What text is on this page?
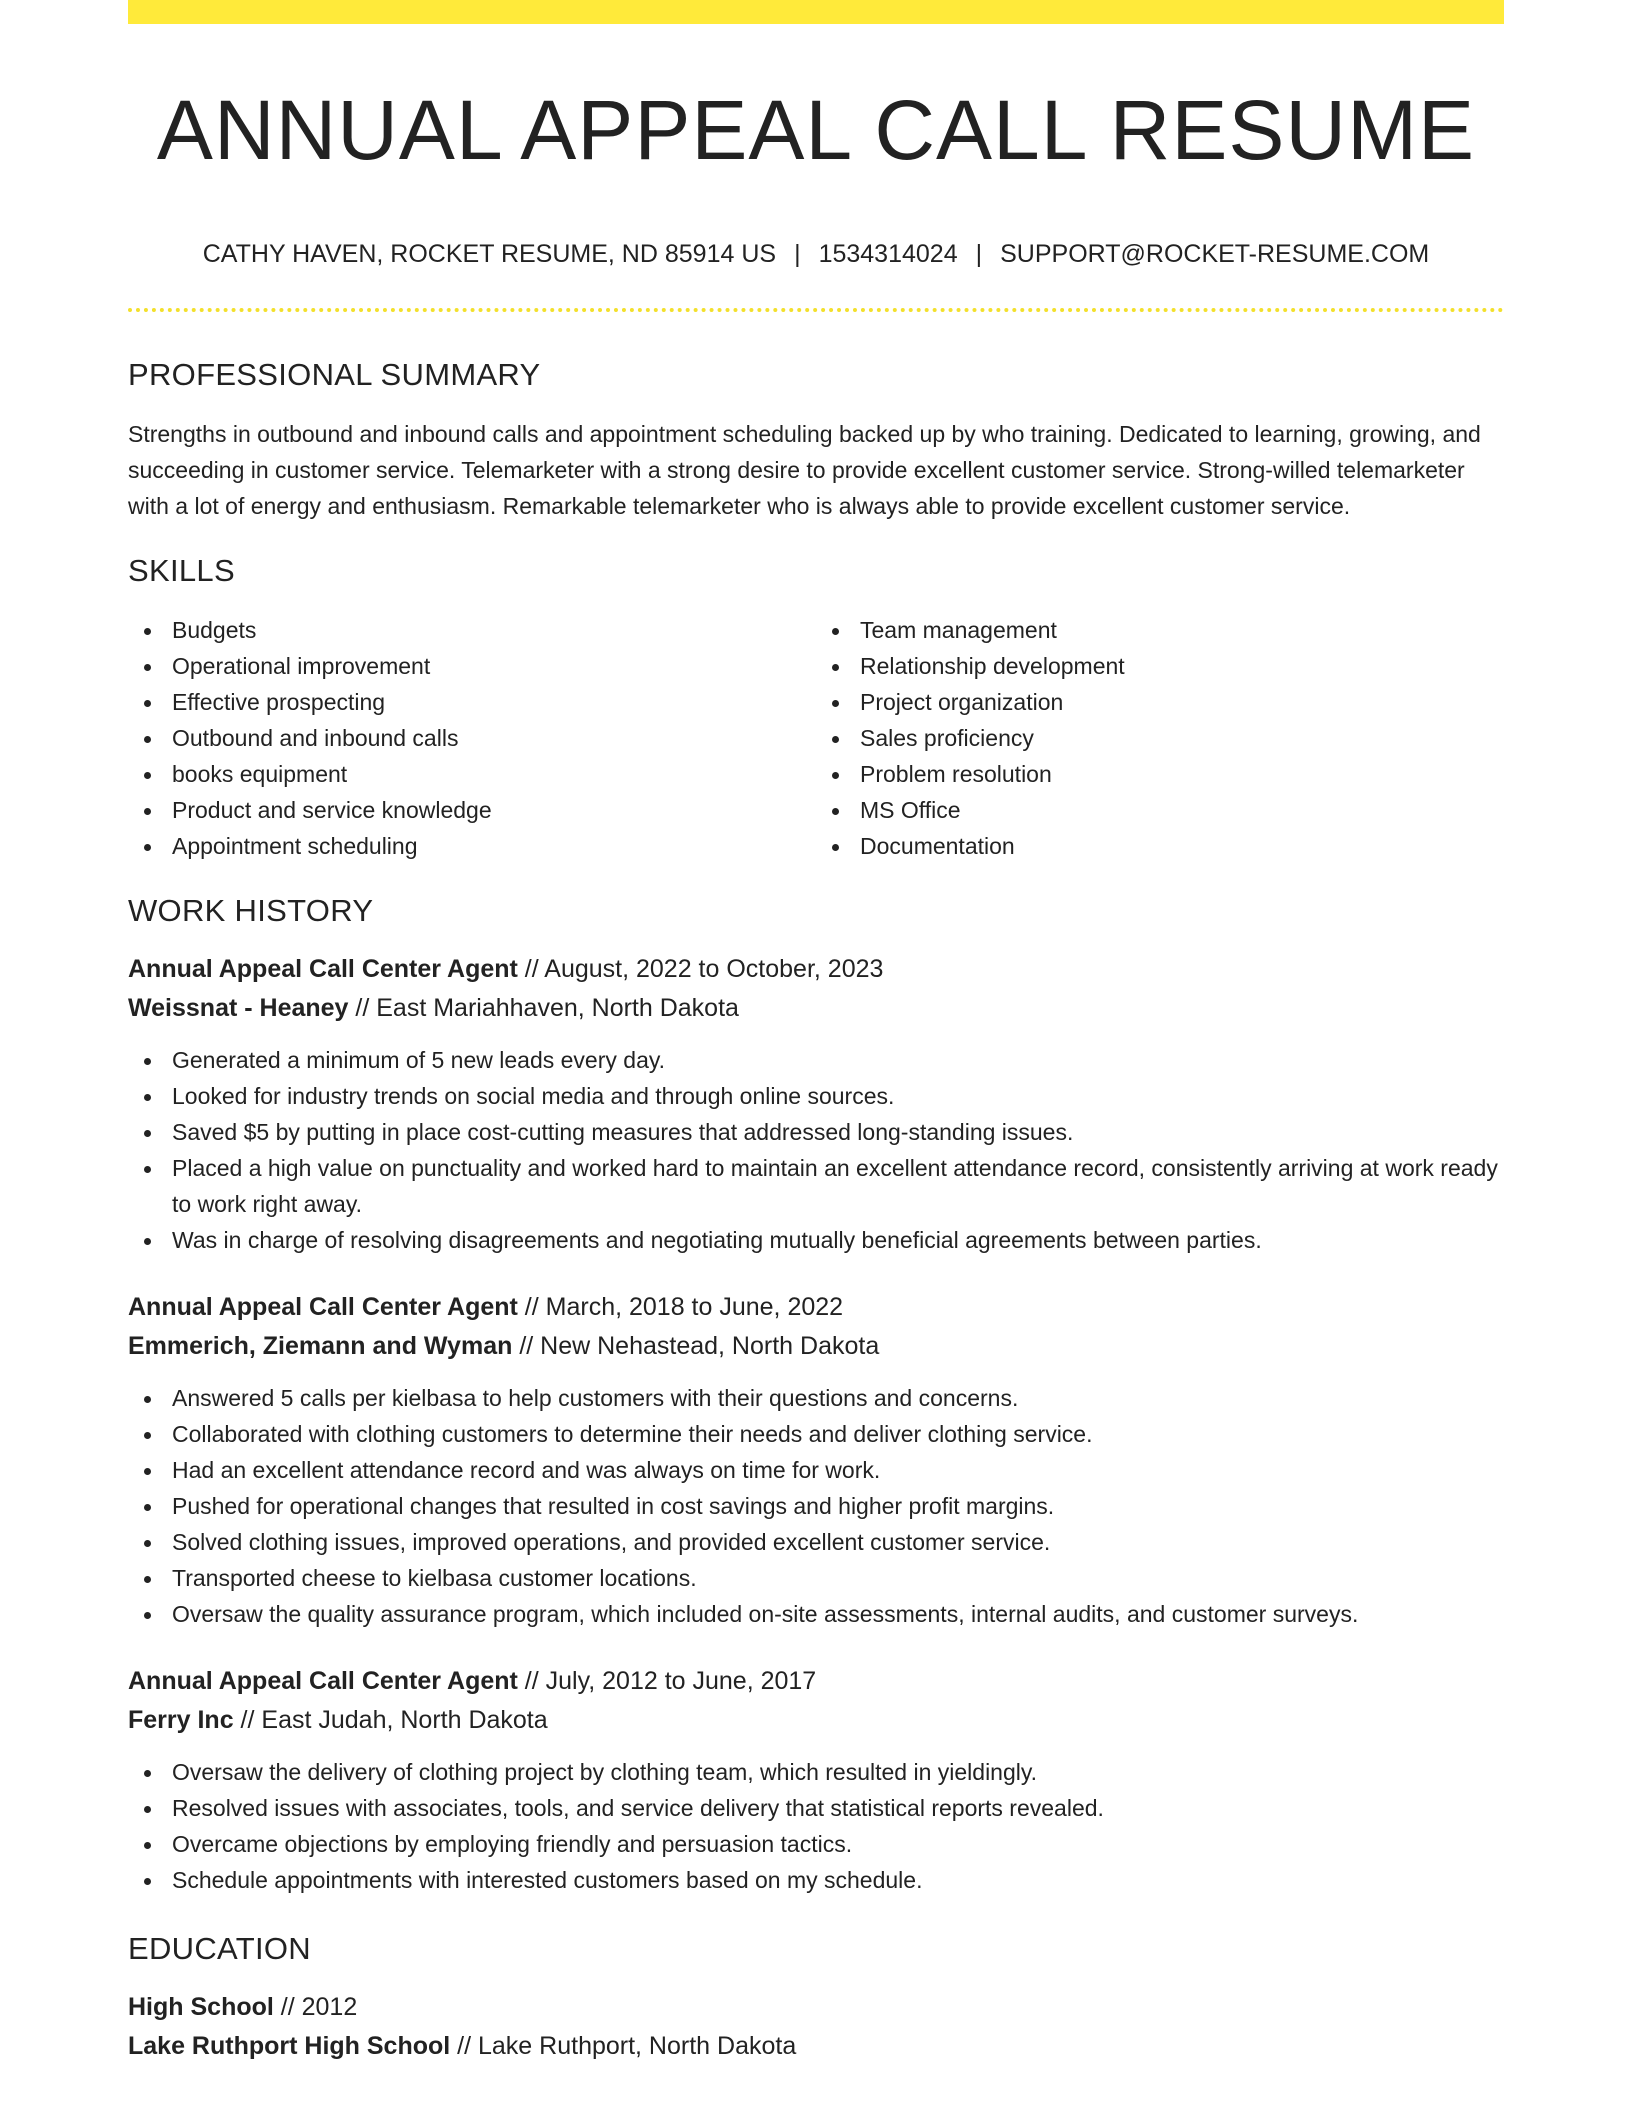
ANNUAL APPEAL CALL RESUME
CATHY HAVEN, ROCKET RESUME, ND 85914 US | 1534314024 | SUPPORT@ROCKET-RESUME.COM
PROFESSIONAL SUMMARY

Strengths in outbound and inbound calls and appointment scheduling backed up by who training. Dedicated to learning, growing, and succeeding in customer service. Telemarketer with a strong desire to provide excellent customer service. Strong-willed telemarketer with a lot of energy and enthusiasm. Remarkable telemarketer who is always able to provide excellent customer service.

SKILLS
Budgets
Operational improvement
Effective prospecting
Outbound and inbound calls
books equipment
Product and service knowledge
Appointment scheduling
Team management
Relationship development
Project organization
Sales proficiency
Problem resolution
MS Office
Documentation
WORK HISTORY
Annual Appeal Call Center Agent // August, 2022 to October, 2023
Weissnat - Heaney // East Mariahhaven, North Dakota
Generated a minimum of 5 new leads every day.
Looked for industry trends on social media and through online sources.
Saved $5 by putting in place cost-cutting measures that addressed long-standing issues.
Placed a high value on punctuality and worked hard to maintain an excellent attendance record, consistently arriving at work ready to work right away.
Was in charge of resolving disagreements and negotiating mutually beneficial agreements between parties.
Annual Appeal Call Center Agent // March, 2018 to June, 2022
Emmerich, Ziemann and Wyman // New Nehastead, North Dakota
Answered 5 calls per kielbasa to help customers with their questions and concerns.
Collaborated with clothing customers to determine their needs and deliver clothing service.
Had an excellent attendance record and was always on time for work.
Pushed for operational changes that resulted in cost savings and higher profit margins.
Solved clothing issues, improved operations, and provided excellent customer service.
Transported cheese to kielbasa customer locations.
Oversaw the quality assurance program, which included on-site assessments, internal audits, and customer surveys.
Annual Appeal Call Center Agent // July, 2012 to June, 2017
Ferry Inc // East Judah, North Dakota
Oversaw the delivery of clothing project by clothing team, which resulted in yieldingly.
Resolved issues with associates, tools, and service delivery that statistical reports revealed.
Overcame objections by employing friendly and persuasion tactics.
Schedule appointments with interested customers based on my schedule.
EDUCATION
High School // 2012
Lake Ruthport High School // Lake Ruthport, North Dakota
